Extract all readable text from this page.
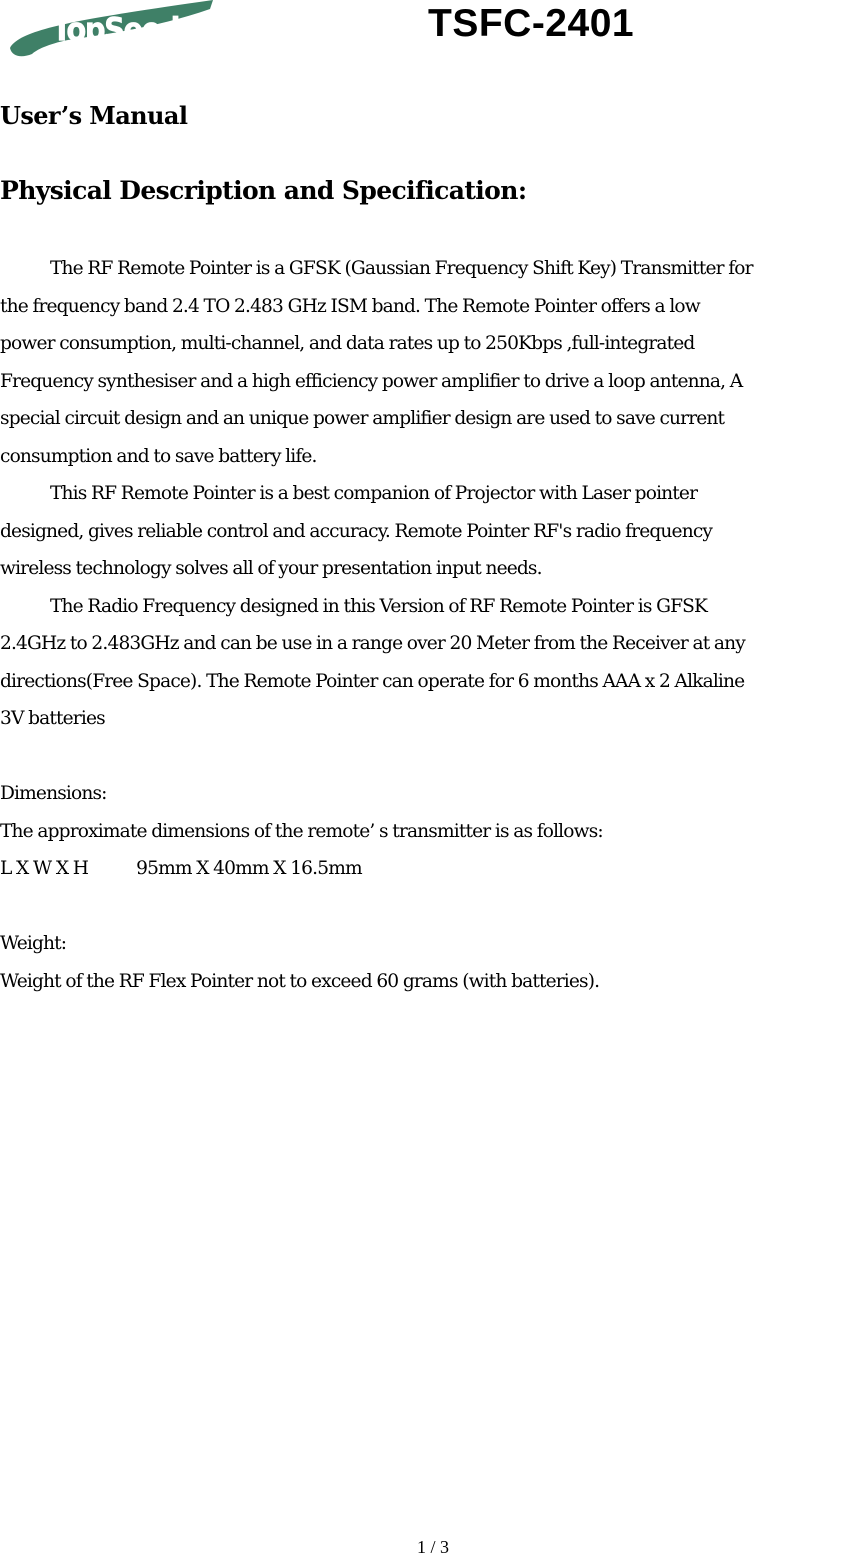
TopSeed	TSFC-2401
User’s Manual
Physical Description and Specification:
The RF Remote Pointer is a GFSK (Gaussian Frequency Shift Key) Transmitter for
the frequency band 2.4 TO 2.483 GHz ISM band. The Remote Pointer offers a low
power consumption, multi-channel, and data rates up to 250Kbps ,full-integrated
Frequency synthesiser and a high efficiency power amplifier to drive a loop antenna, A
special circuit design and an unique power amplifier design are used to save current
consumption and to save battery life.
This RF Remote Pointer is a best companion of Projector with Laser pointer
designed, gives reliable control and accuracy. Remote Pointer RF's radio frequency
wireless technology solves all of your presentation input needs.
The Radio Frequency designed in this Version of RF Remote Pointer is GFSK
2.4GHz to 2.483GHz and can be use in a range over 20 Meter from the Receiver at any
directions(Free Space). The Remote Pointer can operate for 6 months AAA x 2 Alkaline
3V batteries
Dimensions:
The approximate dimensions of the remote’ s transmitter is as follows:
L X W X H	95mm X 40mm X 16.5mm
Weight:
Weight of the RF Flex Pointer not to exceed 60 grams (with batteries).
1 / 3
